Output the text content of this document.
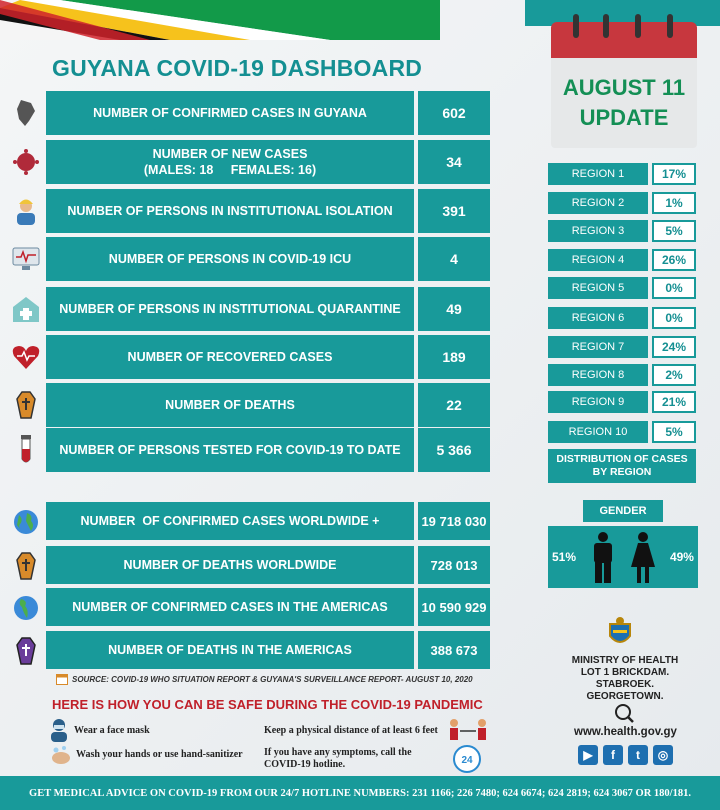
GUYANA COVID-19 DASHBOARD
AUGUST 11
UPDATE
NUMBER OF CONFIRMED CASES IN GUYANA	602
NUMBER OF NEW CASES
(MALES: 18     FEMALES: 16)	34
NUMBER OF PERSONS IN INSTITUTIONAL ISOLATION	391
NUMBER OF PERSONS IN COVID-19 ICU	4
NUMBER OF PERSONS IN INSTITUTIONAL QUARANTINE	49
NUMBER OF RECOVERED CASES	189
NUMBER OF DEATHS	22
NUMBER OF PERSONS TESTED FOR COVID-19 TO DATE	5 366
NUMBER  OF CONFIRMED CASES WORLDWIDE +	19 718 030
NUMBER OF DEATHS WORLDWIDE	728 013
NUMBER OF CONFIRMED CASES IN THE AMERICAS	10 590 929
NUMBER OF DEATHS IN THE AMERICAS	388 673
REGION 1	17%
REGION 2	1%
REGION 3	5%
REGION 4	26%
REGION 5	0%
REGION 6	0%
REGION 7	24%
REGION 8	2%
REGION 9	21%
REGION 10	5%
DISTRIBUTION OF CASES BY REGION
GENDER
51%	49%
SOURCE: COVID-19 WHO SITUATION REPORT & GUYANA'S SURVEILLANCE REPORT- AUGUST 10, 2020
HERE IS HOW YOU CAN BE SAFE DURING THE COVID-19 PANDEMIC
Wear a face mask	Keep a physical distance of at least 6 feet
Wash your hands or use hand-sanitizer If you have any symptoms, call the COVID-19 hotline.	24
MINISTRY OF HEALTH
LOT 1 BRICKDAM.
STABROEK.
GEORGETOWN.
www.health.gov.gy
▶	f	t	◎
GET MEDICAL ADVICE ON COVID-19 FROM OUR 24/7 HOTLINE NUMBERS: 231 1166; 226 7480; 624 6674; 624 2819; 624 3067 OR 180/181.
